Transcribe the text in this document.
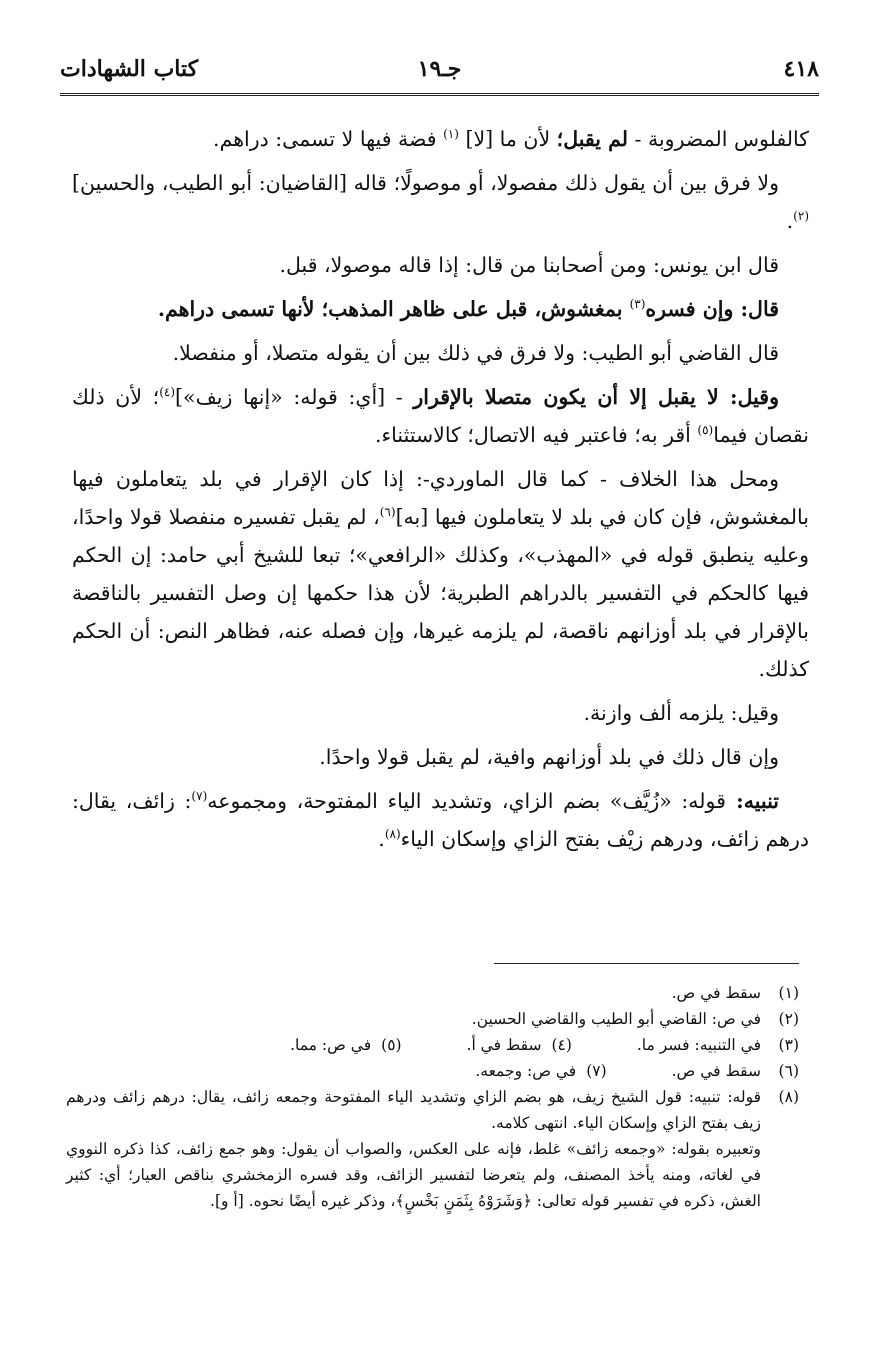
٤١٨
جـ١٩
كتاب الشهادات

كالفلوس المضروبة - لم يقبل؛ لأن ما [لا] $^{(١)}$ فضة فيها لا تسمى: دراهم.

ولا فرق بين أن يقول ذلك مفصولا، أو موصولًا؛ قاله [القاضيان: أبو الطيب، والحسين] $^{(٢)}$.

قال ابن يونس: ومن أصحابنا من قال: إذا قاله موصولا، قبل.

قال: وإن فسره$^{(٣)}$ بمغشوش، قبل على ظاهر المذهب؛ لأنها تسمى دراهم.

قال القاضي أبو الطيب: ولا فرق في ذلك بين أن يقوله متصلا، أو منفصلا.

وقيل: لا يقبل إلا أن يكون متصلا بالإقرار - [أي: قوله: «إنها زيف»]$^{(٤)}$؛ لأن ذلك نقصان فيما$^{(٥)}$ أقر به؛ فاعتبر فيه الاتصال؛ كالاستثناء.

ومحل هذا الخلاف - كما قال الماوردي-: إذا كان الإقرار في بلد يتعاملون فيها بالمغشوش، فإن كان في بلد لا يتعاملون فيها [به]$^{(٦)}$، لم يقبل تفسيره منفصلا قولا واحدًا، وعليه ينطبق قوله في «المهذب»، وكذلك «الرافعي»؛ تبعا للشيخ أبي حامد: إن الحكم فيها كالحكم في التفسير بالدراهم الطبرية؛ لأن هذا حكمها إن وصل التفسير بالناقصة بالإقرار في بلد أوزانهم ناقصة، لم يلزمه غيرها، وإن فصله عنه، فظاهر النص: أن الحكم كذلك.

وقيل: يلزمه ألف وازنة.

وإن قال ذلك في بلد أوزانهم وافية، لم يقبل قولا واحدًا.

تنبيه: قوله: «زُيَّف» بضم الزاي، وتشديد الياء المفتوحة، ومجموعه$^{(٧)}$: زائف، يقال: درهم زائف، ودرهم زيْف بفتح الزاي وإسكان الياء$^{(٨)}$.

(١)
سقط في ص.
(٢)
في ص: القاضي أبو الطيب والقاضي الحسين.
(٣)
في التنبيه: فسر ما. (٤)سقط في أ. (٥)في ص: مما.
(٦)
سقط في ص. (٧)في ص: وجمعه.
(٨)
قوله: تنبيه: قول الشيخ زيف، هو بضم الزاي وتشديد الياء المفتوحة وجمعه زائف، يقال: درهم زائف ودرهم زيف بفتح الزاي وإسكان الياء. انتهى كلامه.
وتعبيره بقوله: «وجمعه زائف» غلط، فإنه على العكس، والصواب أن يقول: وهو جمع زائف، كذا ذكره النووي في لغاته، ومنه يأخذ المصنف، ولم يتعرضا لتفسير الزائف، وقد فسره الزمخشري بناقص العيار؛ أي: كثير الغش، ذكره في تفسير قوله تعالى: ﴿وَشَرَوْهُ بِثَمَنٍ بَخْسٍ﴾، وذكر غيره أيضًا نحوه. [أ و].
